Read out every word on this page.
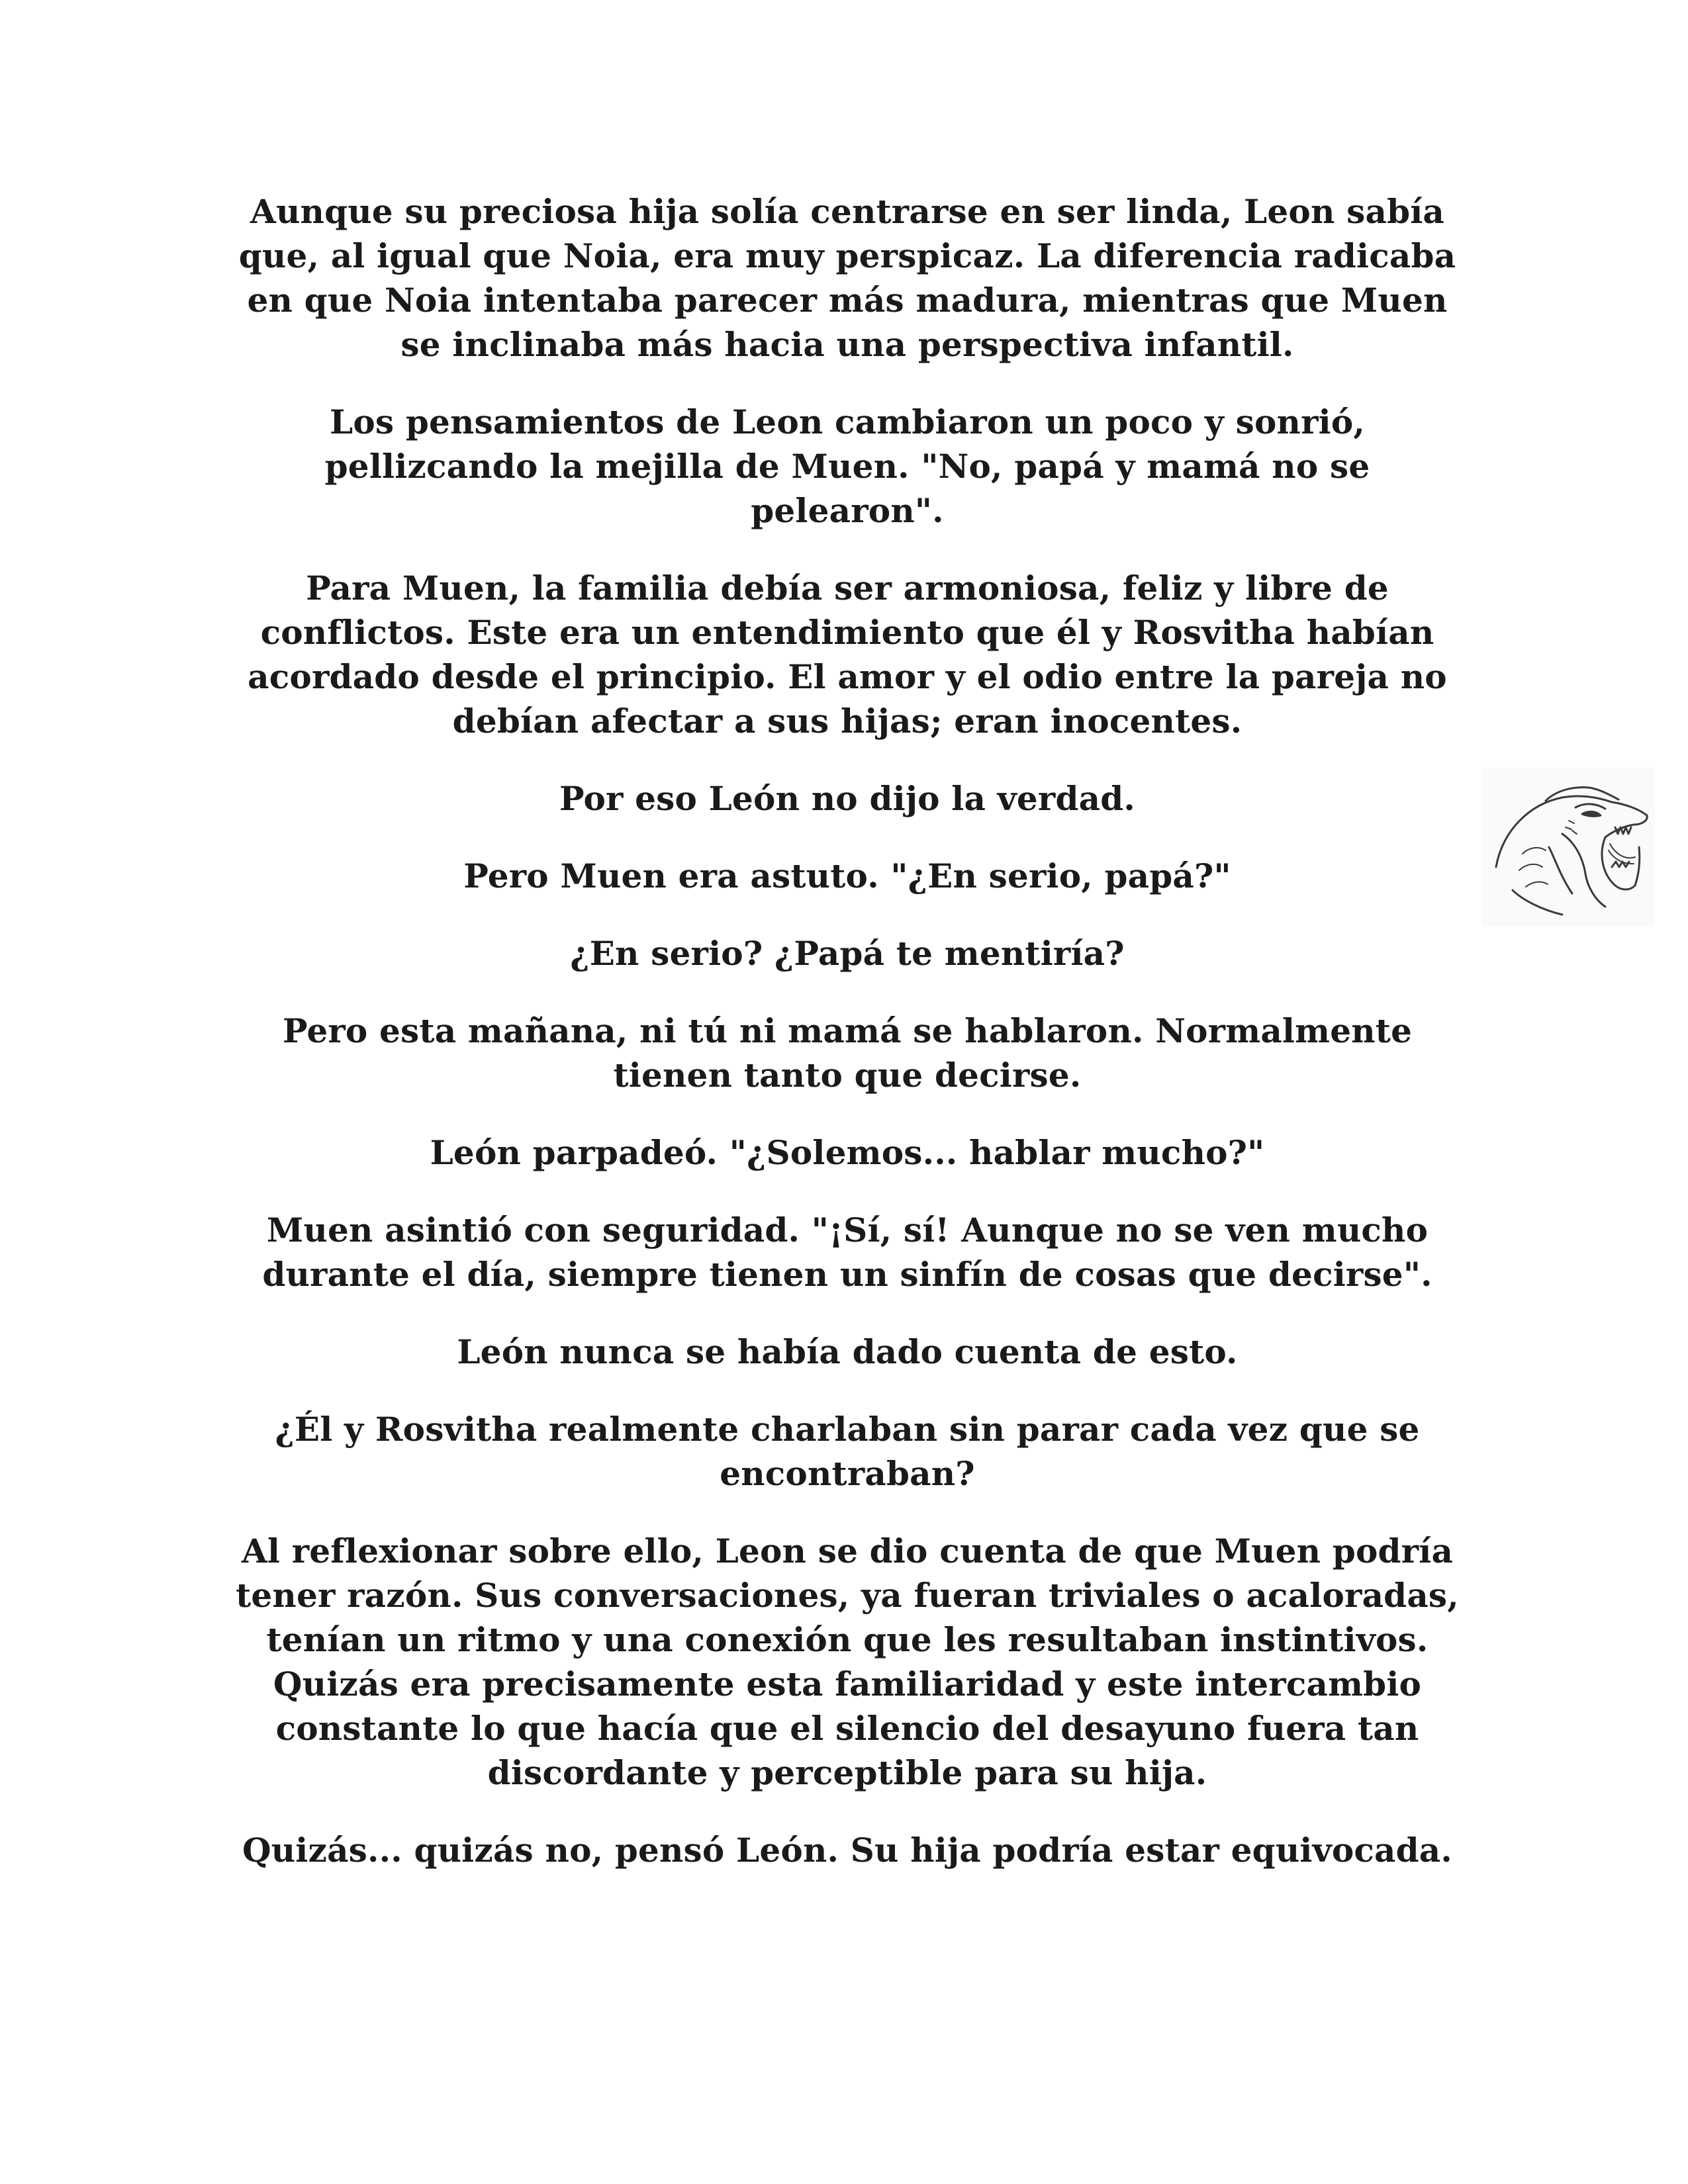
Aunque su preciosa hija solía centrarse en ser linda, Leon sabía que, al igual que Noia, era muy perspicaz. La diferencia radicaba en que Noia intentaba parecer más madura, mientras que Muen se inclinaba más hacia una perspectiva infantil.

Los pensamientos de Leon cambiaron un poco y sonrió, pellizcando la mejilla de Muen. "No, papá y mamá no se pelearon".

Para Muen, la familia debía ser armoniosa, feliz y libre de conflictos. Este era un entendimiento que él y Rosvitha habían acordado desde el principio. El amor y el odio entre la pareja no debían afectar a sus hijas; eran inocentes.

Por eso León no dijo la verdad.

Pero Muen era astuto. "¿En serio, papá?"

¿En serio? ¿Papá te mentiría?

Pero esta mañana, ni tú ni mamá se hablaron. Normalmente tienen tanto que decirse.

León parpadeó. "¿Solemos... hablar mucho?"

Muen asintió con seguridad. "¡Sí, sí! Aunque no se ven mucho durante el día, siempre tienen un sinfín de cosas que decirse".

León nunca se había dado cuenta de esto.

¿Él y Rosvitha realmente charlaban sin parar cada vez que se encontraban?

Al reflexionar sobre ello, Leon se dio cuenta de que Muen podría tener razón. Sus conversaciones, ya fueran triviales o acaloradas, tenían un ritmo y una conexión que les resultaban instintivos. Quizás era precisamente esta familiaridad y este intercambio constante lo que hacía que el silencio del desayuno fuera tan discordante y perceptible para su hija.

Quizás... quizás no, pensó León. Su hija podría estar equivocada.
